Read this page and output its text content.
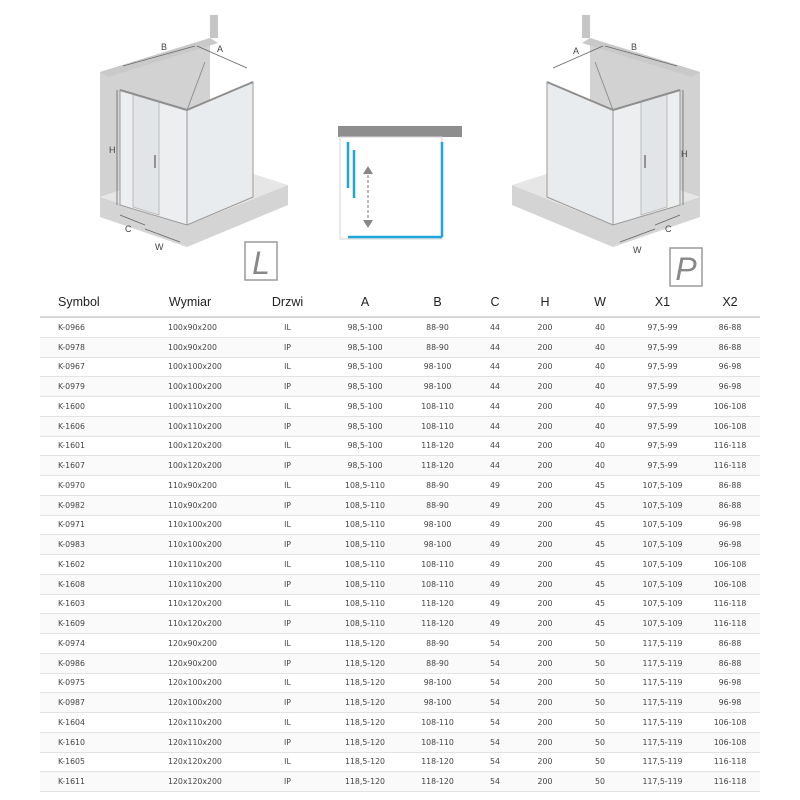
B	A
H
C
W	L
A	B
H
C
W
P
Symbol	Wymiar	Drzwi	A	B	C	H	W	X1	X2
K-0966	100x90x200	IL	98,5-100	88-90	44	200	40	97,5-99	86-88
K-0978	100x90x200	IP	98,5-100	88-90	44	200	40	97,5-99	86-88
K-0967	100x100x200	IL	98,5-100	98-100	44	200	40	97,5-99	96-98
K-0979	100x100x200	IP	98,5-100	98-100	44	200	40	97,5-99	96-98
K-1600	100x110x200	IL	98,5-100	108-110	44	200	40	97,5-99	106-108
K-1606	100x110x200	IP	98,5-100	108-110	44	200	40	97,5-99	106-108
K-1601	100x120x200	IL	98,5-100	118-120	44	200	40	97,5-99	116-118
K-1607	100x120x200	IP	98,5-100	118-120	44	200	40	97,5-99	116-118
K-0970	110x90x200	IL	108,5-110	88-90	49	200	45	107,5-109	86-88
K-0982	110x90x200	IP	108,5-110	88-90	49	200	45	107,5-109	86-88
K-0971	110x100x200	IL	108,5-110	98-100	49	200	45	107,5-109	96-98
K-0983	110x100x200	IP	108,5-110	98-100	49	200	45	107,5-109	96-98
K-1602	110x110x200	IL	108,5-110	108-110	49	200	45	107,5-109	106-108
K-1608	110x110x200	IP	108,5-110	108-110	49	200	45	107,5-109	106-108
K-1603	110x120x200	IL	108,5-110	118-120	49	200	45	107,5-109	116-118
K-1609	110x120x200	IP	108,5-110	118-120	49	200	45	107,5-109	116-118
K-0974	120x90x200	IL	118,5-120	88-90	54	200	50	117,5-119	86-88
K-0986	120x90x200	IP	118,5-120	88-90	54	200	50	117,5-119	86-88
K-0975	120x100x200	IL	118,5-120	98-100	54	200	50	117,5-119	96-98
K-0987	120x100x200	IP	118,5-120	98-100	54	200	50	117,5-119	96-98
K-1604	120x110x200	IL	118,5-120	108-110	54	200	50	117,5-119	106-108
K-1610	120x110x200	IP	118,5-120	108-110	54	200	50	117,5-119	106-108
K-1605	120x120x200	IL	118,5-120	118-120	54	200	50	117,5-119	116-118
K-1611	120x120x200	IP	118,5-120	118-120	54	200	50	117,5-119	116-118
